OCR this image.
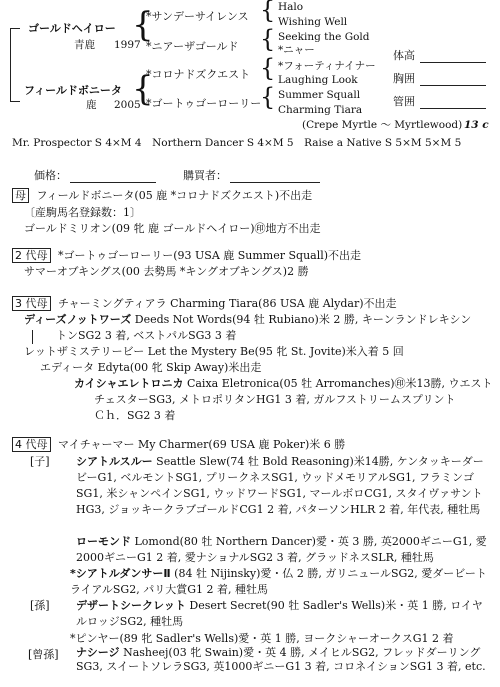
ゴールドヘイロー
青鹿 1997
フィールドボニータ
鹿 2005
{
{
*サンデーサイレンス
*ニアーザゴールド
*コロナドズクエスト
*ゴートゥゴーローリー
{
{
{
{
Halo
Wishing Well
Seeking the Gold
*ニャー
*フォーティナイナー
Laughing Look
Summer Squall
Charming Tiara
(Crepe Myrtle ～ Myrtlewood) 13 c
体高
胸囲
管囲
Mr. Prospector S 4×M 4　Northern Dancer S 4×M 5　Raise a Native S 5×M 5×M 5
価格：	購買者：
母 フィールドボニータ(05 鹿 *コロナドズクエスト)不出走
〔産駒馬名登録数：1〕
ゴールドミリオン(09 牝 鹿 ゴールドヘイロー)㊞地方不出走
2 代母 *ゴートゥゴーローリー(93 USA 鹿 Summer Squall)不出走
サマーオブキングス(00 去勢馬 *キングオブキングス)2 勝
3 代母 チャーミングティアラ Charming Tiara(86 USA 鹿 Alydar)不出走
ディーズノットワーズ Deeds Not Words(94 牡 Rubiano)米 2 勝, キーンランドレキシン
トンSG2 3 着, ベストパルSG3 3 着
レットザミステリービー Let the Mystery Be(95 牝 St. Jovite)米入着 5 回
エディータ Edyta(00 牝 Skip Away)米出走
カイシャエレトロニカ Caixa Eletronica(05 牡 Arromanches)㊞米13勝, ウエスト
チェスターSG3, メトロポリタンHG1 3 着, ガルフストリームスプリント
Ｃｈ．SG2 3 着
4 代母 マイチャーマー My Charmer(69 USA 鹿 Poker)米 6 勝
[子] シアトルスルー Seattle Slew(74 牡 Bold Reasoning)米14勝, ケンタッキーダービーG1, ベルモントSG1, プリークネスSG1, ウッドメモリアルSG1, フラミンゴSG1, 米シャンペインSG1, ウッドワードSG1, マールボロCG1, スタイヴァサントHG3, ジョッキークラブゴールドCG1 2 着, パターソンHLR 2 着, 年代表, 種牡馬
ローモンド Lomond(80 牡 Northern Dancer)愛・英 3 勝, 英2000ギニーG1, 愛2000ギニーG1 2 着, 愛ナショナルSG2 3 着, グラッドネスSLR, 種牡馬
*シアトルダンサーⅡ (84 牡 Nijinsky)愛・仏 2 勝, ガリニュールSG2, 愛ダービートライアルSG2, パリ大賞G1 2 着, 種牡馬
[孫] デザートシークレット Desert Secret(90 牡 Sadler's Wells)米・英 1 勝, ロイヤルロッジSG2, 種牡馬
*ピンヤー(89 牝 Sadler's Wells)愛・英 1 勝, ヨークシャーオークスG1 2 着
[曾孫] ナシージ Nasheej(03 牝 Swain)愛・英 4 勝, メイヒルSG2, フレッドダーリングSG3, スイートソレラSG3, 英1000ギニーG1 3 着, コロネイションSG1 3 着, etc.
